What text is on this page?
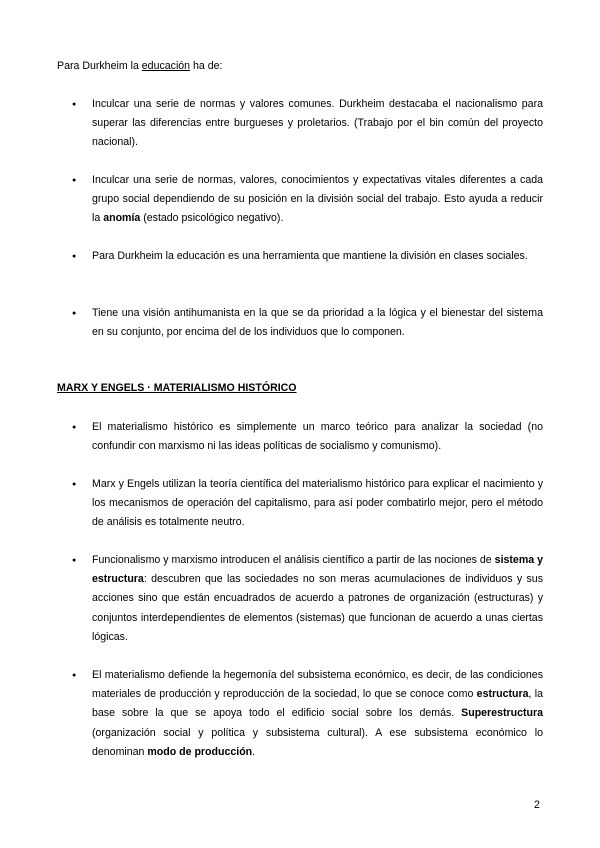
Para Durkheim la educación ha de:

● Inculcar una serie de normas y valores comunes. Durkheim destacaba el nacionalismo para superar las diferencias entre burgueses y proletarios. (Trabajo por el bin común del proyecto nacional).

● Inculcar una serie de normas, valores, conocimientos y expectativas vitales diferentes a cada grupo social dependiendo de su posición en la división social del trabajo. Esto ayuda a reducir la anomía (estado psicológico negativo).

● Para Durkheim la educación es una herramienta que mantiene la división en clases sociales.

● Tiene una visión antihumanista en la que se da prioridad a la lógica y el bienestar del sistema en su conjunto, por encima del de los individuos que lo componen.

MARX Y ENGELS · MATERIALISMO HISTÓRICO

● El materialismo histórico es simplemente un marco teórico para analizar la sociedad (no confundir con marxismo ni las ideas políticas de socialismo y comunismo).

● Marx y Engels utilizan la teoría científica del materialismo histórico para explicar el nacimiento y los mecanismos de operación del capitalismo, para así poder combatirlo mejor, pero el método de análisis es totalmente neutro.

● Funcionalismo y marxismo introducen el análisis científico a partir de las nociones de sistema y estructura: descubren que las sociedades no son meras acumulaciones de individuos y sus acciones sino que están encuadrados de acuerdo a patrones de organización (estructuras) y conjuntos interdependientes de elementos (sistemas) que funcionan de acuerdo a unas ciertas lógicas.

● El materialismo defiende la hegemonía del subsistema económico, es decir, de las condiciones materiales de producción y reproducción de la sociedad, lo que se conoce como estructura, la base sobre la que se apoya todo el edificio social sobre los demás. Superestructura (organización social y política y subsistema cultural). A ese subsistema económico lo denominan modo de producción.

2
